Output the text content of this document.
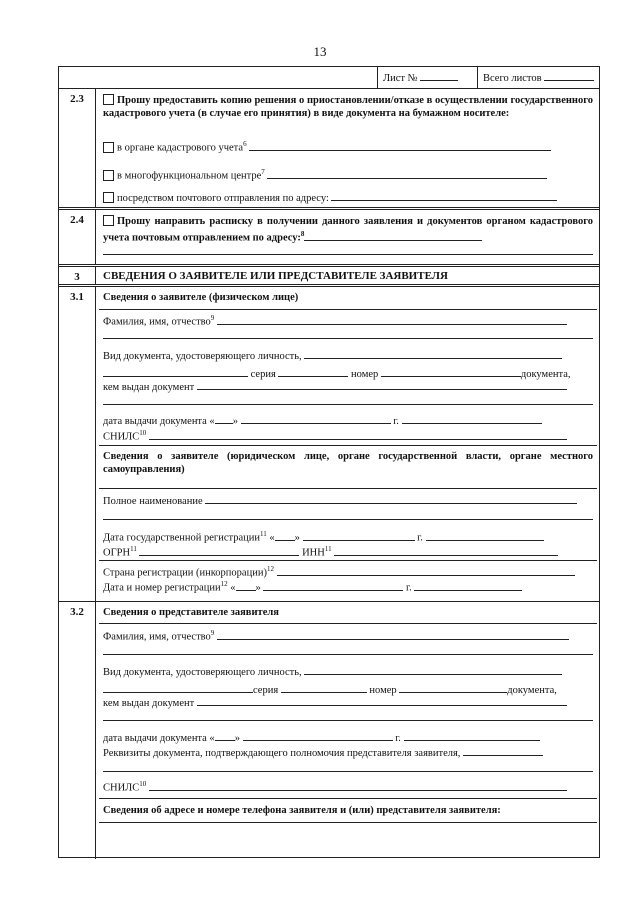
13
Лист №	Всего листов
2.3	Прошу предоставить копию решения о приостановлении/отказе в осуществлении государственного кадастрового учета (в случае его принятия) в виде документа на бумажном носителе:
в органе кадастрового учета$^6$
в многофункциональном центре$^7$
посредством почтового отправления по адресу:
2.4	Прошу направить расписку в получении данного заявления и документов органом кадастрового учета почтовым отправлением по адресу:$^8$
3	СВЕДЕНИЯ О ЗАЯВИТЕЛЕ ИЛИ ПРЕДСТАВИТЕЛЕ ЗАЯВИТЕЛЯ
3.1	Сведения о заявителе (физическом лице)
Фамилия, имя, отчество$^9$
Вид документа, удостоверяющего личность,
серия	номер	документа,
кем выдан документ
дата выдачи документа « »	г.
СНИЛС$^{10}$
Сведения о заявителе (юридическом лице, органе государственной власти, органе местного самоуправления)
Полное наименование
Дата государственной регистрации$^{11}$ « »	г.
ОГРН$^{11}$	ИНН$^{11}$
Страна регистрации (инкорпорации)$^{12}$
Дата и номер регистрации$^{12}$ « »	г.
3.2	Сведения о представителе заявителя
Фамилия, имя, отчество$^9$
Вид документа, удостоверяющего личность,
серия	номер	документа,
кем выдан документ
дата выдачи документа « »	г.
Реквизиты документа, подтверждающего полномочия представителя заявителя,
СНИЛС$^{10}$
Сведения об адресе и номере телефона заявителя и (или) представителя заявителя:
